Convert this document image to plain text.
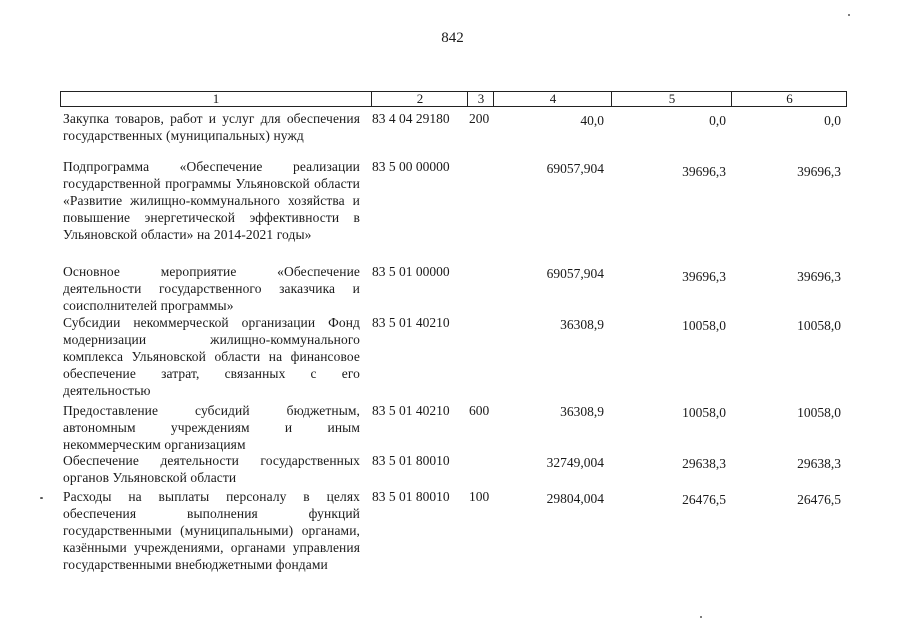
842
1	2	3	4	5	6
Закупка товаров, работ и услуг для обеспечения государственных (муниципальных) нужд
83 4 04 29180 200	40,0	0,0	0,0
Подпрограмма «Обеспечение реализации государственной программы Ульяновской области «Развитие жилищно-коммунального хозяйства и повышение энергетической эффективности в Ульяновской области» на 2014-2021 годы»
83 5 00 00000	69057,904	39696,3	39696,3
Основное мероприятие «Обеспечение деятельности государственного заказчика и соисполнителей программы»
83 5 01 00000	69057,904	39696,3	39696,3
Субсидии некоммерческой организации Фонд модернизации жилищно-коммунального комплекса Ульяновской области на финансовое обеспечение затрат, связанных с его деятельностью
83 5 01 40210	36308,9	10058,0	10058,0
Предоставление субсидий бюджетным, автономным учреждениям и иным некоммерческим организациям
83 5 01 40210 600	36308,9	10058,0	10058,0
Обеспечение деятельности государственных органов Ульяновской области
83 5 01 80010	32749,004	29638,3	29638,3
Расходы на выплаты персоналу в целях обеспечения выполнения функций государственными (муниципальными) органами, казёнными учреждениями, органами управления государственными внебюджетными фондами
83 5 01 80010 100	29804,004	26476,5	26476,5
